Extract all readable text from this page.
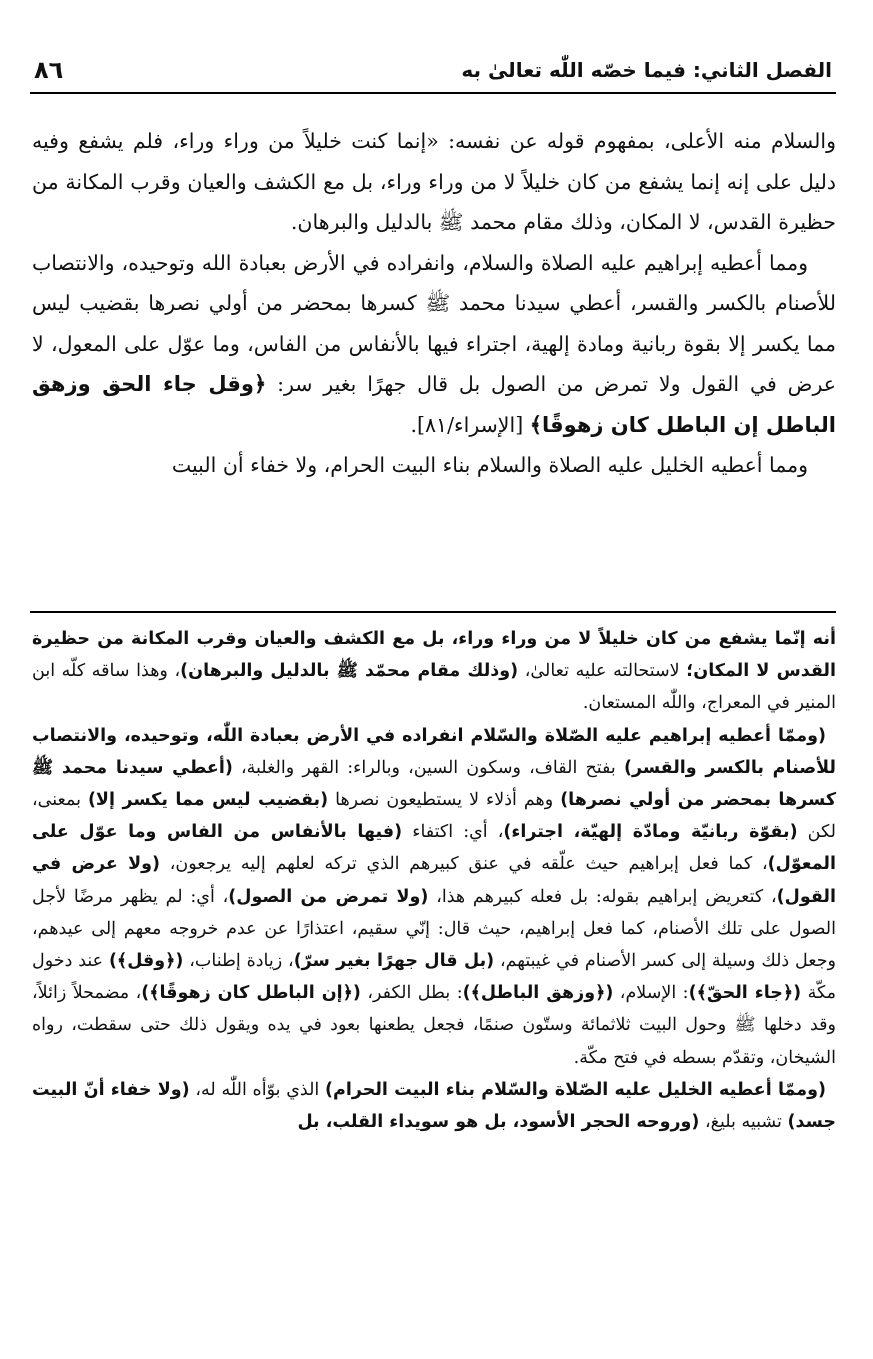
٨٦	الفصل الثاني: فيما خصّه اللّٰه تعالىٰ به

والسلام منه الأعلى، بمفهوم قوله عن نفسه: «إنما كنت خليلاً من وراء وراء، فلم يشفع وفيه دليل على إنه إنما يشفع من كان خليلاً لا من وراء وراء، بل مع الكشف والعيان وقرب المكانة من حظيرة القدس، لا المكان، وذلك مقام محمد ﷺ بالدليل والبرهان.

ومما أعطيه إبراهيم عليه الصلاة والسلام، وانفراده في الأرض بعبادة الله وتوحيده، والانتصاب للأصنام بالكسر والقسر، أعطي سيدنا محمد ﷺ كسرها بمحضر من أولي نصرها بقضيب ليس مما يكسر إلا بقوة ربانية ومادة إلهية، اجتراء فيها بالأنفاس من الفاس، وما عوّل على المعول، لا عرض في القول ولا تمرض من الصول بل قال جهرًا بغير سر: ﴿وقل جاء الحق وزهق الباطل إن الباطل كان زهوقًا﴾ [الإسراء/٨١].

ومما أعطيه الخليل عليه الصلاة والسلام بناء البيت الحرام، ولا خفاء أن البيت

أنه إنّما يشفع من كان خليلاً لا من وراء وراء، بل مع الكشف والعيان وقرب المكانة من حظيرة القدس لا المكان؛ لاستحالته عليه تعالىٰ، (وذلك مقام محمّد ﷺ بالدليل والبرهان)، وهذا ساقه كلّه ابن المنير في المعراج، واللّٰه المستعان.

(وممّا أعطيه إبراهيم عليه الصّلاة والسّلام انفراده في الأرض بعبادة اللّٰه، وتوحيده، والانتصاب للأصنام بالكسر والقسر) بفتح القاف، وسكون السين، وبالراء: القهر والغلبة، (أعطي سيدنا محمد ﷺ كسرها بمحضر من أولي نصرها) وهم أذلاء لا يستطيعون نصرها (بقضيب ليس مما يكسر إلا) بمعنى، لكن (بقوّة ربانيّة ومادّة إلهيّة، اجتراء)، أي: اكتفاء (فيها بالأنفاس من الفاس وما عوّل على المعوّل)، كما فعل إبراهيم حيث علّقه في عنق كبيرهم الذي تركه لعلهم إليه يرجعون، (ولا عرض في القول)، كتعريض إبراهيم بقوله: بل فعله كبيرهم هذا، (ولا تمرض من الصول)، أي: لم يظهر مرضًا لأجل الصول على تلك الأصنام، كما فعل إبراهيم، حيث قال: إنّي سقيم، اعتذارًا عن عدم خروجه معهم إلى عيدهم، وجعل ذلك وسيلة إلى كسر الأصنام في غيبتهم، (بل قال جهرًا بغير سرّ)، زيادة إطناب، (﴿وقل﴾) عند دخول مكّة (﴿جاء الحقّ﴾): الإسلام، (﴿وزهق الباطل﴾): بطل الكفر، (﴿إن الباطل كان زهوقًا﴾)، مضمحلاً زائلاً، وقد دخلها ﷺ وحول البيت ثلاثمائة وستّون صنمًا، فجعل يطعنها بعود في يده ويقول ذلك حتى سقطت، رواه الشيخان، وتقدّم بسطه في فتح مكّة.

(وممّا أعطيه الخليل عليه الصّلاة والسّلام بناء البيت الحرام) الذي بوّأه اللّٰه له، (ولا خفاء أنّ البيت جسد) تشبيه بليغ، (وروحه الحجر الأسود، بل هو سويداء القلب، بل
